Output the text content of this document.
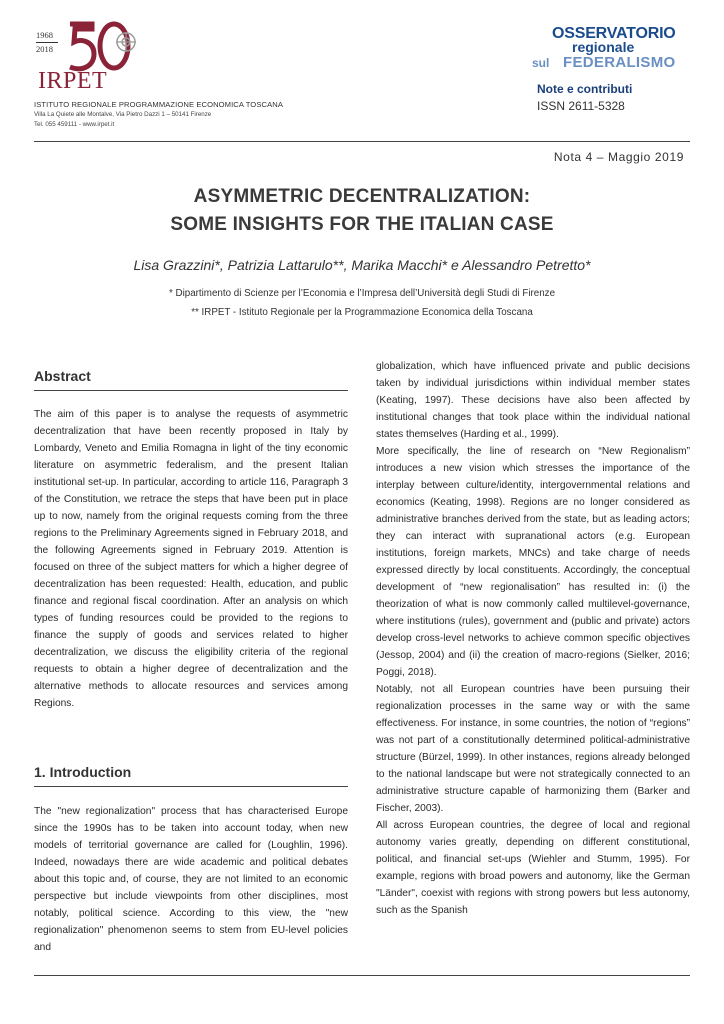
1968
2018
IRPET
ISTITUTO REGIONALE PROGRAMMAZIONE ECONOMICA TOSCANA
Villa La Quiete alle Montalve, Via Pietro Dazzi 1 – 50141 Firenze
Tel. 055 459111 - www.irpet.it
OSSERVATORIO
regionale
sul FEDERALISMO
Note e contributi
ISSN 2611-5328
Nota 4 – Maggio 2019
ASYMMETRIC DECENTRALIZATION:
SOME INSIGHTS FOR THE ITALIAN CASE
Lisa Grazzini*, Patrizia Lattarulo**, Marika Macchi* e Alessandro Petretto*
* Dipartimento di Scienze per l’Economia e l’Impresa dell’Università degli Studi di Firenze
** IRPET - Istituto Regionale per la Programmazione Economica della Toscana
Abstract

The aim of this paper is to analyse the requests of asymmetric decentralization that have been recently proposed in Italy by Lombardy, Veneto and Emilia Romagna in light of the tiny economic literature on asymmetric federalism, and the present Italian institutional set-up. In particular, according to article 116, Paragraph 3 of the Constitution, we retrace the steps that have been put in place up to now, namely from the original requests coming from the three regions to the Preliminary Agreements signed in February 2018, and the following Agreements signed in February 2019. Attention is focused on three of the subject matters for which a higher degree of decentralization has been requested: Health, education, and public finance and regional fiscal coordination. After an analysis on which types of funding resources could be provided to the regions to finance the supply of goods and services related to higher decentralization, we discuss the eligibility criteria of the regional requests to obtain a higher degree of decentralization and the alternative methods to allocate resources and services among Regions.

1. Introduction

The "new regionalization" process that has characterised Europe since the 1990s has to be taken into account today, when new models of territorial governance are called for (Loughlin, 1996). Indeed, nowadays there are wide academic and political debates about this topic and, of course, they are not limited to an economic perspective but include viewpoints from other disciplines, most notably, political science. According to this view, the "new regionalization" phenomenon seems to stem from EU-level policies and

globalization, which have influenced private and public decisions taken by individual jurisdictions within individual member states (Keating, 1997). These decisions have also been affected by institutional changes that took place within the individual national states themselves (Harding et al., 1999).

More specifically, the line of research on “New Regionalism” introduces a new vision which stresses the importance of the interplay between culture/identity, intergovernmental relations and economics (Keating, 1998). Regions are no longer considered as administrative branches derived from the state, but as leading actors; they can interact with supranational actors (e.g. European institutions, foreign markets, MNCs) and take charge of needs expressed directly by local constituents. Accordingly, the conceptual development of “new regionalisation” has resulted in: (i) the theorization of what is now commonly called multilevel-governance, where institutions (rules), government and (public and private) actors develop cross-level networks to achieve common specific objectives (Jessop, 2004) and (ii) the creation of macro-regions (Sielker, 2016; Poggi, 2018).

Notably, not all European countries have been pursuing their regionalization processes in the same way or with the same effectiveness. For instance, in some countries, the notion of “regions” was not part of a constitutionally determined political-administrative structure (Bürzel, 1999). In other instances, regions already belonged to the national landscape but were not strategically connected to an administrative structure capable of harmonizing them (Barker and Fischer, 2003).

All across European countries, the degree of local and regional autonomy varies greatly, depending on different constitutional, political, and financial set-ups (Wiehler and Stumm, 1995). For example, regions with broad powers and autonomy, like the German "Länder", coexist with regions with strong powers but less autonomy, such as the Spanish
